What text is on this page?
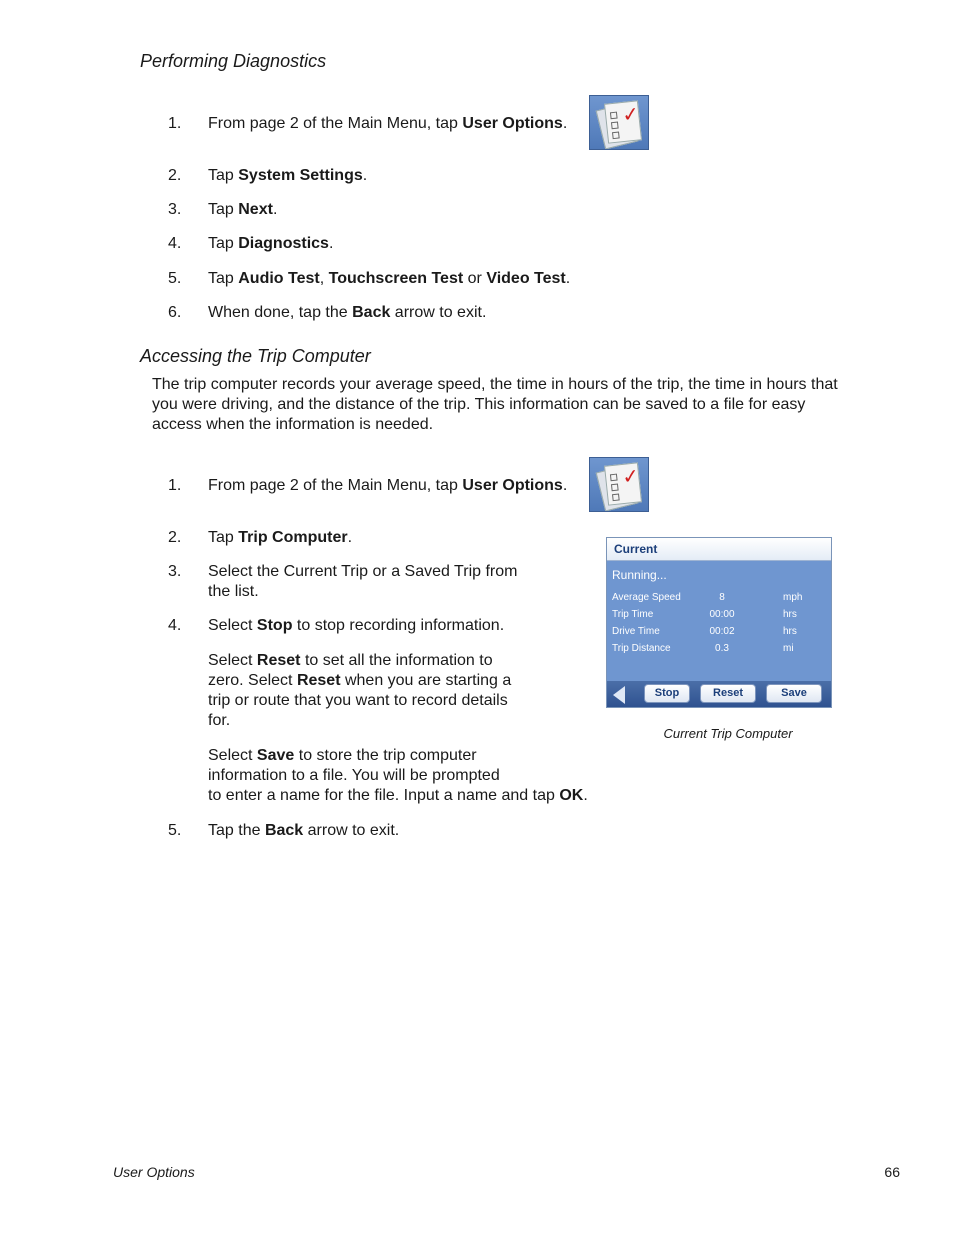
Performing Diagnostics
1. From page 2 of the Main Menu, tap User Options.	✓
2. Tap System Settings.
3. Tap Next.
4. Tap Diagnostics.
5. Tap Audio Test, Touchscreen Test or Video Test.
6. When done, tap the Back arrow to exit.
Accessing the Trip Computer
The trip computer records your average speed, the time in hours of the trip, the time in hours that
you were driving, and the distance of the trip. This information can be saved to a file for easy
access when the information is needed.
1. From page 2 of the Main Menu, tap User Options.	✓
2. Tap Trip Computer.
3. Select the Current Trip or a Saved Trip from
the list.
4. Select Stop to stop recording information.
Select Reset to set all the information to
zero. Select Reset when you are starting a
trip or route that you want to record details
for.
Select Save to store the trip computer
information to a file. You will be prompted
to enter a name for the file. Input a name and tap OK.
5. Tap the Back arrow to exit.
Current
Running...
Average Speed	8	mph
Trip Time	00:00	hrs
Drive Time	00:02	hrs
Trip Distance	0.3	mi
Stop	Reset	Save
Current Trip Computer
User Options	66
